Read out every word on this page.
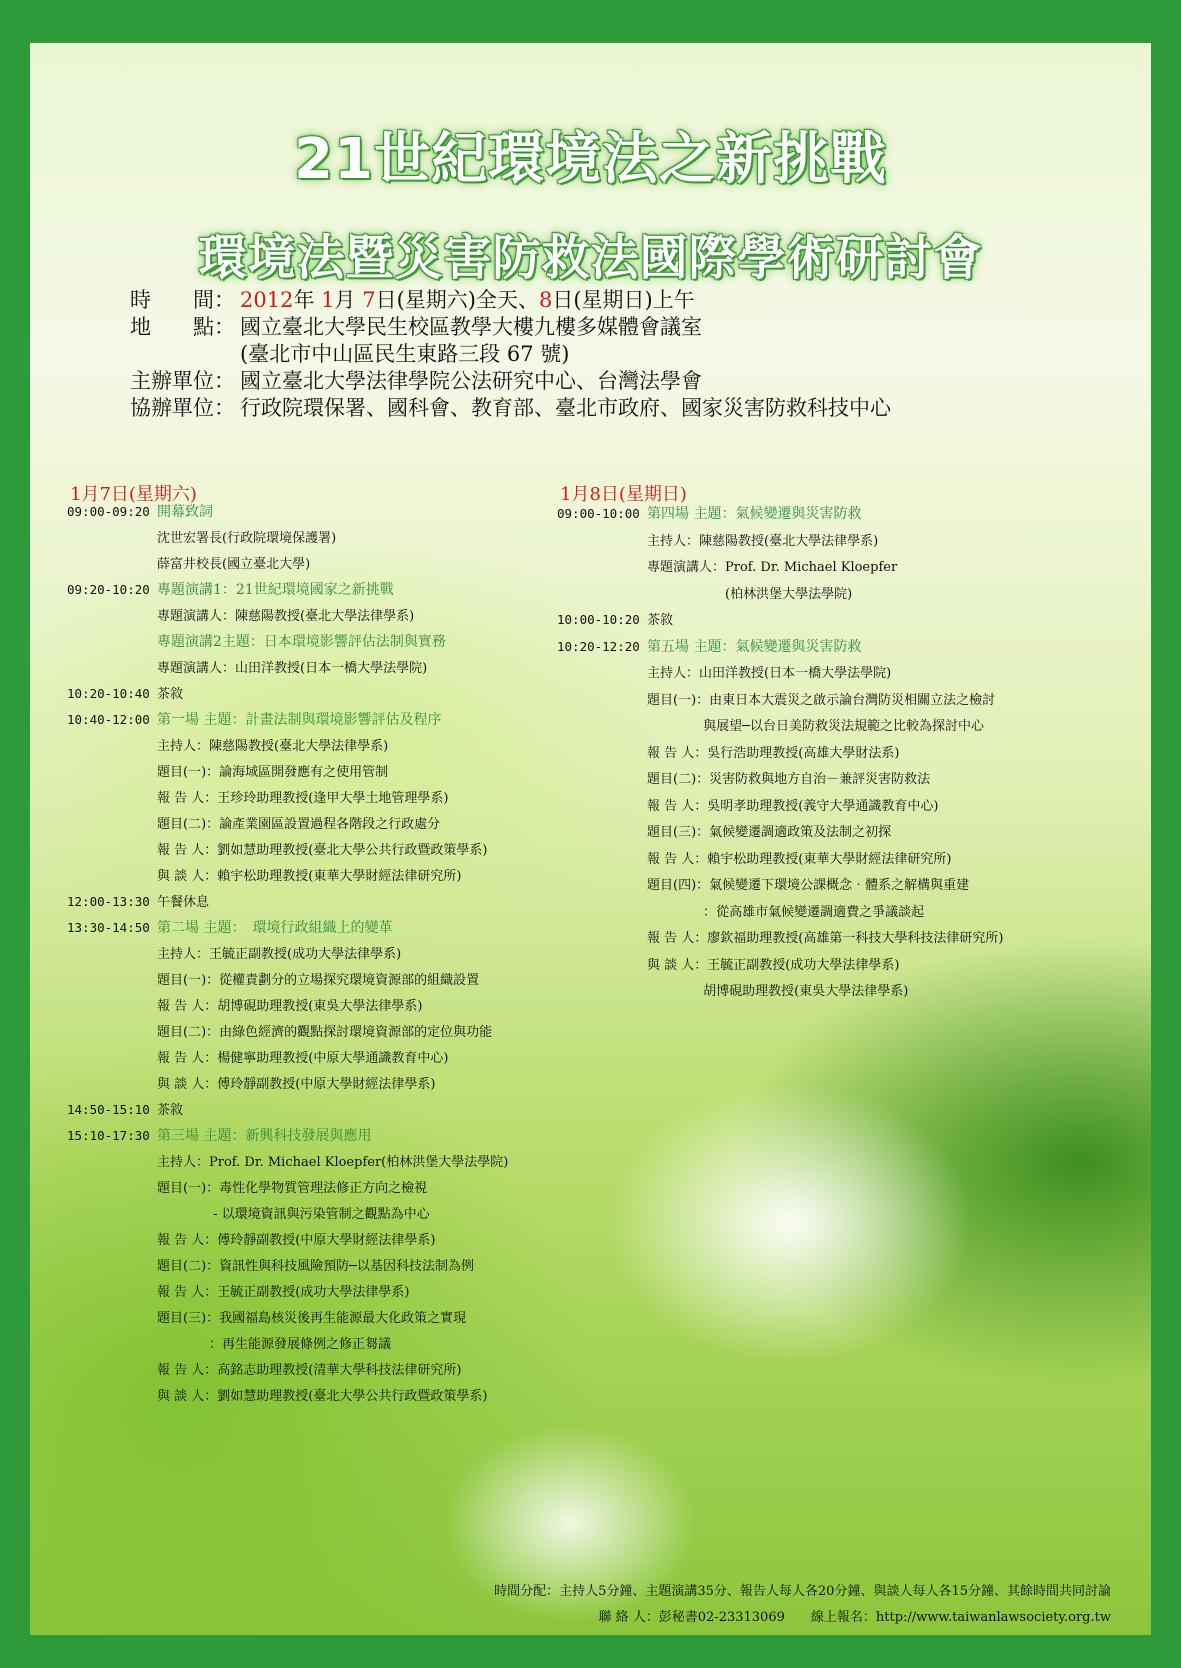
21世紀環境法之新挑戰
環境法暨災害防救法國際學術研討會
時　　間： 2012年 1月 7日(星期六)全天、8日(星期日)上午
地　　點： 國立臺北大學民生校區教學大樓九樓多媒體會議室
(臺北市中山區民生東路三段 67 號)
主辦單位： 國立臺北大學法律學院公法研究中心、台灣法學會
協辦單位： 行政院環保署、國科會、教育部、臺北市政府、國家災害防救科技中心
1月7日(星期六)	1月8日(星期日)
09:00-09:20 開幕致詞
沈世宏署長(行政院環境保護署)
薛富井校長(國立臺北大學)
09:20-10:20 專題演講1：21世紀環境國家之新挑戰
專題演講人：陳慈陽教授(臺北大學法律學系)
專題演講2主題：日本環境影響評估法制與實務
專題演講人：山田洋教授(日本一橋大學法學院)
10:20-10:40 茶敘
10:40-12:00 第一場 主題：計畫法制與環境影響評估及程序
主持人：陳慈陽教授(臺北大學法律學系)
題目(一)：論海域區開發應有之使用管制
報 告 人：王珍玲助理教授(逢甲大學土地管理學系)
題目(二)：論產業園區設置過程各階段之行政處分
報 告 人：劉如慧助理教授(臺北大學公共行政暨政策學系)
與 談 人：賴宇松助理教授(東華大學財經法律研究所)
12:00-13:30 午餐休息
13:30-14:50 第二場 主題：　環境行政組織上的變革
主持人：王毓正副教授(成功大學法律學系)
題目(一)：從權責劃分的立場探究環境資源部的組織設置
報 告 人：胡博硯助理教授(東吳大學法律學系)
題目(二)：由綠色經濟的觀點探討環境資源部的定位與功能
報 告 人：楊健寧助理教授(中原大學通識教育中心)
與 談 人：傅玲靜副教授(中原大學財經法律學系)
14:50-15:10 茶敘
15:10-17:30 第三場 主題：新興科技發展與應用
主持人：Prof. Dr. Michael Kloepfer(柏林洪堡大學法學院)
題目(一)：毒性化學物質管理法修正方向之檢視
　　　　 - 以環境資訊與污染管制之觀點為中心
報 告 人：傅玲靜副教授(中原大學財經法律學系)
題目(二)：資訊性與科技風險預防─以基因科技法制為例
報 告 人：王毓正副教授(成功大學法律學系)
題目(三)：我國福島核災後再生能源最大化政策之實現
　　　　：再生能源發展條例之修正芻議
報 告 人：高銘志助理教授(清華大學科技法律研究所)
與 談 人：劉如慧助理教授(臺北大學公共行政暨政策學系)
09:00-10:00 第四場 主題：氣候變遷與災害防救
主持人：陳慈陽教授(臺北大學法律學系)
專題演講人：Prof. Dr. Michael Kloepfer
　　　　　　(柏林洪堡大學法學院)
10:00-10:20 茶敘
10:20-12:20 第五場 主題：氣候變遷與災害防救
主持人：山田洋教授(日本一橋大學法學院)
題目(一)：由東日本大震災之啟示論台灣防災相關立法之檢討
　　　　 與展望─以台日美防救災法規範之比較為探討中心
報 告 人：吳行浩助理教授(高雄大學財法系)
題目(二)：災害防救與地方自治－兼評災害防救法
報 告 人：吳明孝助理教授(義守大學通識教育中心)
題目(三)：氣候變遷調適政策及法制之初探
報 告 人：賴宇松助理教授(東華大學財經法律研究所)
題目(四)：氣候變遷下環境公課概念‧體系之解構與重建
　　　　 ：從高雄市氣候變遷調適費之爭議談起
報 告 人：廖欽福助理教授(高雄第一科技大學科技法律研究所)
與 談 人：王毓正副教授(成功大學法律學系)
　　　　 胡博硯助理教授(東吳大學法律學系)
時間分配：主持人5分鐘、主題演講35分、報告人每人各20分鐘、與談人每人各15分鐘、其餘時間共同討論
聯 絡 人：彭秘書02-23313069　　線上報名：http://www.taiwanlawsociety.org.tw
